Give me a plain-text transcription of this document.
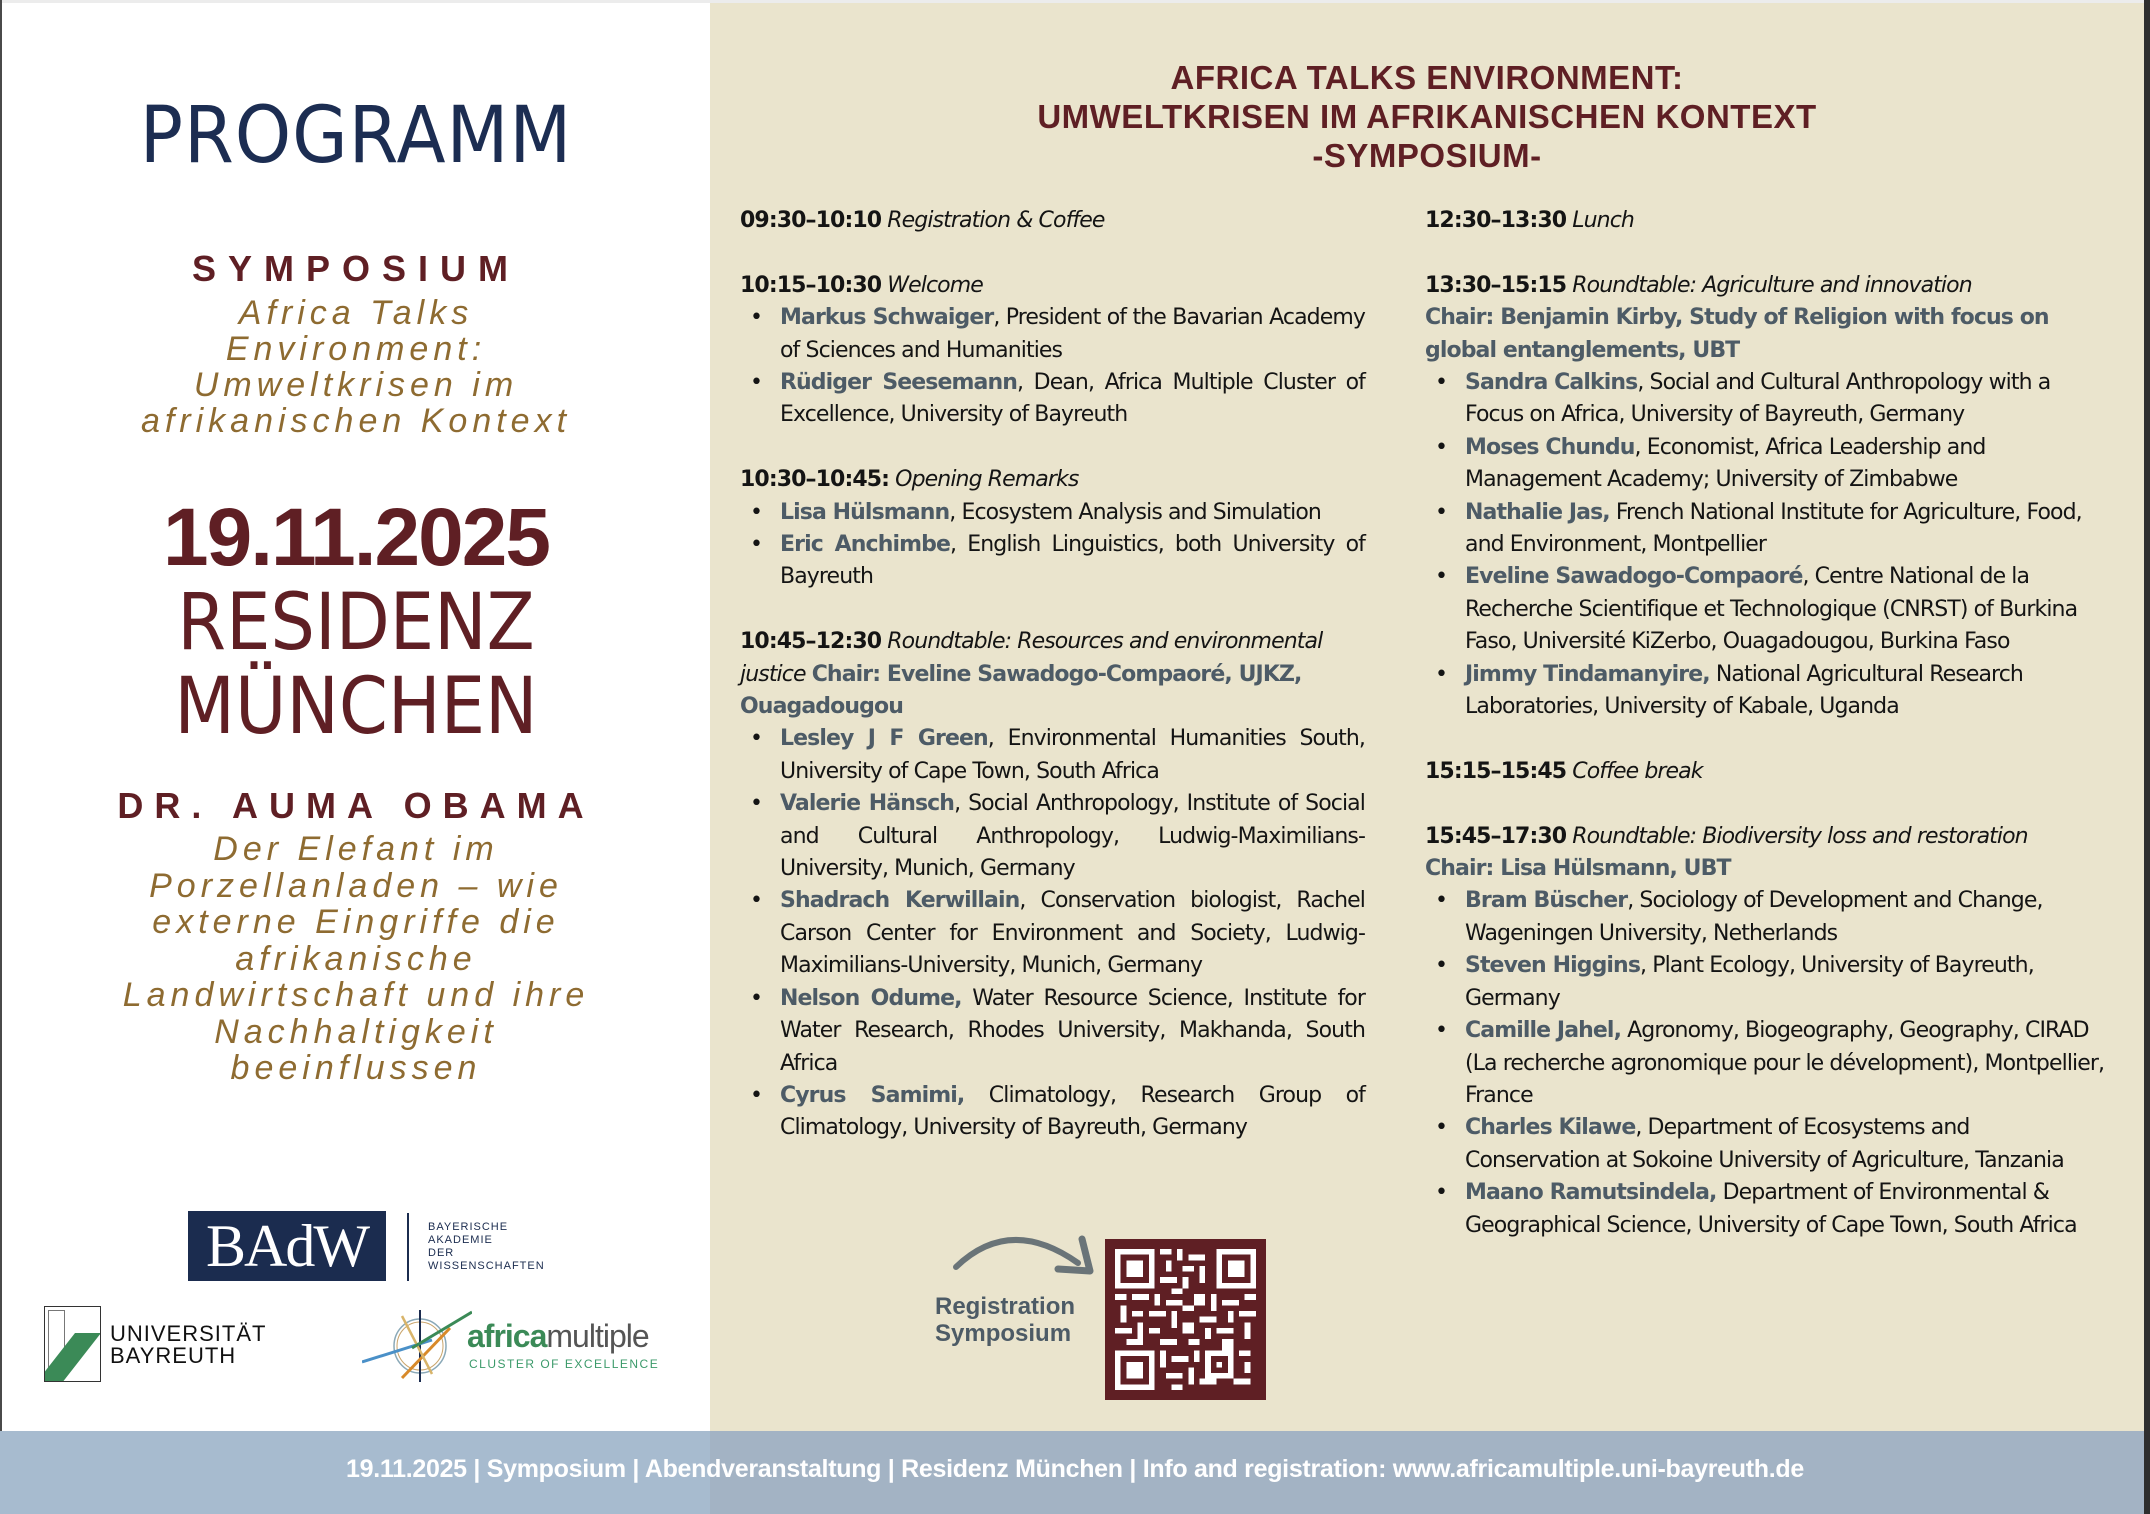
PROGRAMM
SYMPOSIUM
Africa Talks
Environment:
Umweltkrisen im
afrikanischen Kontext
19.11.2025
RESIDENZ
MÜNCHEN
DR. AUMA OBAMA
Der Elefant im
Porzellanladen – wie
externe Eingriffe die
afrikanische
Landwirtschaft und ihre
Nachhaltigkeit
beeinflussen
BAdW	BAYERISCHE
AKADEMIE
DER
WISSENSCHAFTEN
UNIVERSITÄT
BAYREUTH
africamultiple
CLUSTER OF EXCELLENCE
AFRICA TALKS ENVIRONMENT:
UMWELTKRISEN IM AFRIKANISCHEN KONTEXT
-SYMPOSIUM-
09:30–10:10 Registration & Coffee
10:15–10:30 Welcome
• Markus Schwaiger, President of the Bavarian Academy of Sciences and Humanities
• Rüdiger Seesemann, Dean, Africa Multiple Cluster of Excellence, University of Bayreuth
10:30–10:45: Opening Remarks
• Lisa Hülsmann, Ecosystem Analysis and Simulation
• Eric Anchimbe, English Linguistics, both University of Bayreuth
10:45–12:30 Roundtable: Resources and environmental justice Chair: Eveline Sawadogo-Compaoré, UJKZ, Ouagadougou
• Lesley J F Green, Environmental Humanities South, University of Cape Town, South Africa
• Valerie Hänsch, Social Anthropology, Institute of Social and Cultural Anthropology, Ludwig-Maximilians-University, Munich, Germany
• Shadrach Kerwillain, Conservation biologist, Rachel Carson Center for Environment and Society, Ludwig-Maximilians-University, Munich, Germany
• Nelson Odume, Water Resource Science, Institute for Water Research, Rhodes University, Makhanda, South Africa
• Cyrus Samimi, Climatology, Research Group of Climatology, University of Bayreuth, Germany
12:30–13:30 Lunch
13:30–15:15 Roundtable: Agriculture and innovation
Chair: Benjamin Kirby, Study of Religion with focus on global entanglements, UBT
• Sandra Calkins, Social and Cultural Anthropology with a Focus on Africa, University of Bayreuth, Germany
• Moses Chundu, Economist, Africa Leadership and Management Academy; University of Zimbabwe
• Nathalie Jas, French National Institute for Agriculture, Food, and Environment, Montpellier
• Eveline Sawadogo-Compaoré, Centre National de la Recherche Scientifique et Technologique (CNRST) of Burkina Faso, Université KiZerbo, Ouagadougou, Burkina Faso
• Jimmy Tindamanyire, National Agricultural Research Laboratories, University of Kabale, Uganda
15:15–15:45 Coffee break
15:45–17:30 Roundtable: Biodiversity loss and restoration
Chair: Lisa Hülsmann, UBT
• Bram Büscher, Sociology of Development and Change, Wageningen University, Netherlands
• Steven Higgins, Plant Ecology, University of Bayreuth, Germany
• Camille Jahel, Agronomy, Biogeography, Geography, CIRAD (La recherche agronomique pour le dévelopment), Montpellier, France
• Charles Kilawe, Department of Ecosystems and Conservation at Sokoine University of Agriculture, Tanzania
• Maano Ramutsindela, Department of Environmental & Geographical Science, University of Cape Town, South Africa
Registration
Symposium
19.11.2025 | Symposium | Abendveranstaltung | Residenz München | Info and registration: www.africamultiple.uni-bayreuth.de
